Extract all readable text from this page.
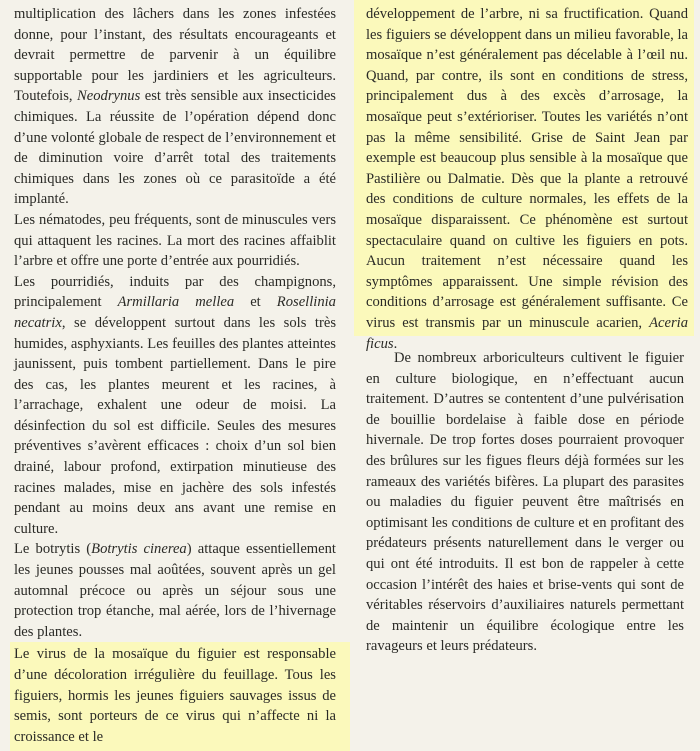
multiplication des lâchers dans les zones infestées donne, pour l’instant, des résultats encourageants et devrait permettre de parvenir à un équilibre supportable pour les jardiniers et les agriculteurs. Toutefois, Neodrynus est très sensible aux insecticides chimiques. La réussite de l’opération dépend donc d’une volonté globale de respect de l’environnement et de diminution voire d’arrêt total des traitements chimiques dans les zones où ce parasitoïde a été implanté.

Les nématodes, peu fréquents, sont de minuscules vers qui attaquent les racines. La mort des racines affaiblit l’arbre et offre une porte d’entrée aux pourridiés.

Les pourridiés, induits par des champignons, principalement Armillaria mellea et Rosellinia necatrix, se développent surtout dans les sols très humides, asphyxiants. Les feuilles des plantes atteintes jaunissent, puis tombent partiellement. Dans le pire des cas, les plantes meurent et les racines, à l’arrachage, exhalent une odeur de moisi. La désinfection du sol est difficile. Seules des mesures préventives s’avèrent efficaces : choix d’un sol bien drainé, labour profond, extirpation minutieuse des racines malades, mise en jachère des sols infestés pendant au moins deux ans avant une remise en culture.

Le botrytis (Botrytis cinerea) attaque essentiellement les jeunes pousses mal aoûtées, souvent après un gel automnal précoce ou après un séjour sous une protection trop étanche, mal aérée, lors de l’hivernage des plantes.

Le virus de la mosaïque du figuier est responsable d’une décoloration irrégulière du feuillage. Tous les figuiers, hormis les jeunes figuiers sauvages issus de semis, sont porteurs de ce virus qui n’affecte ni la croissance et le

développement de l’arbre, ni sa fructification. Quand les figuiers se développent dans un milieu favorable, la mosaïque n’est généralement pas décelable à l’œil nu. Quand, par contre, ils sont en conditions de stress, principalement dus à des excès d’arrosage, la mosaïque peut s’extérioriser. Toutes les variétés n’ont pas la même sensibilité. Grise de Saint Jean par exemple est beaucoup plus sensible à la mosaïque que Pastilière ou Dalmatie. Dès que la plante a retrouvé des conditions de culture normales, les effets de la mosaïque disparaissent. Ce phénomène est surtout spectaculaire quand on cultive les figuiers en pots. Aucun traitement n’est nécessaire quand les symptômes apparaissent. Une simple révision des conditions d’arrosage est généralement suffisante. Ce virus est transmis par un minuscule acarien, Aceria ficus.

De nombreux arboriculteurs cultivent le figuier en culture biologique, en n’effectuant aucun traitement. D’autres se contentent d’une pulvérisation de bouillie bordelaise à faible dose en période hivernale. De trop fortes doses pourraient provoquer des brûlures sur les figues fleurs déjà formées sur les rameaux des variétés bifères. La plupart des parasites ou maladies du figuier peuvent être maîtrisés en optimisant les conditions de culture et en profitant des prédateurs présents naturellement dans le verger ou qui ont été introduits. Il est bon de rappeler à cette occasion l’intérêt des haies et brise-vents qui sont de véritables réservoirs d’auxiliaires naturels permettant de maintenir un équilibre écologique entre les ravageurs et leurs prédateurs.
